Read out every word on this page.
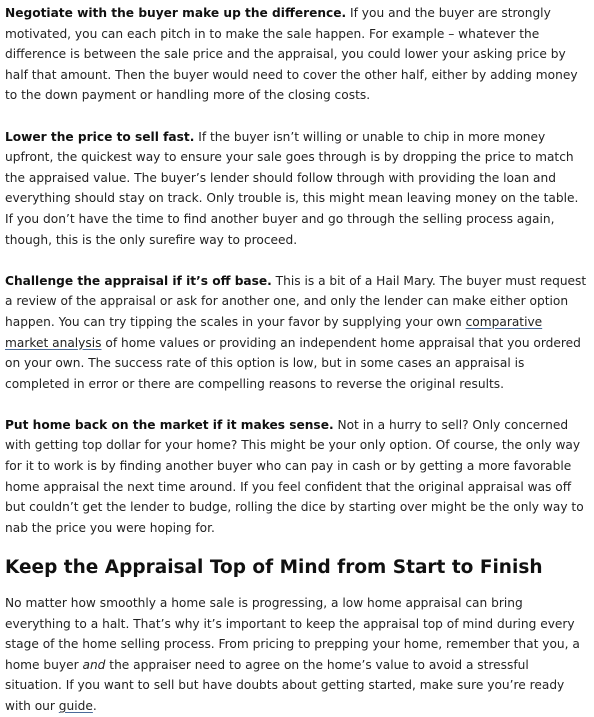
Negotiate with the buyer make up the difference. If you and the buyer are strongly motivated, you can each pitch in to make the sale happen. For example – whatever the difference is between the sale price and the appraisal, you could lower your asking price by half that amount. Then the buyer would need to cover the other half, either by adding money to the down payment or handling more of the closing costs.

Lower the price to sell fast. If the buyer isn’t willing or unable to chip in more money upfront, the quickest way to ensure your sale goes through is by dropping the price to match the appraised value. The buyer’s lender should follow through with providing the loan and everything should stay on track. Only trouble is, this might mean leaving money on the table. If you don’t have the time to find another buyer and go through the selling process again, though, this is the only surefire way to proceed.

Challenge the appraisal if it’s off base. This is a bit of a Hail Mary. The buyer must request a review of the appraisal or ask for another one, and only the lender can make either option happen. You can try tipping the scales in your favor by supplying your own comparative market analysis of home values or providing an independent home appraisal that you ordered on your own. The success rate of this option is low, but in some cases an appraisal is completed in error or there are compelling reasons to reverse the original results.

Put home back on the market if it makes sense. Not in a hurry to sell? Only concerned with getting top dollar for your home? This might be your only option. Of course, the only way for it to work is by finding another buyer who can pay in cash or by getting a more favorable home appraisal the next time around. If you feel confident that the original appraisal was off but couldn’t get the lender to budge, rolling the dice by starting over might be the only way to nab the price you were hoping for.

Keep the Appraisal Top of Mind from Start to Finish

No matter how smoothly a home sale is progressing, a low home appraisal can bring everything to a halt. That’s why it’s important to keep the appraisal top of mind during every stage of the home selling process. From pricing to prepping your home, remember that you, a home buyer and the appraiser need to agree on the home’s value to avoid a stressful situation. If you want to sell but have doubts about getting started, make sure you’re ready with our guide.
